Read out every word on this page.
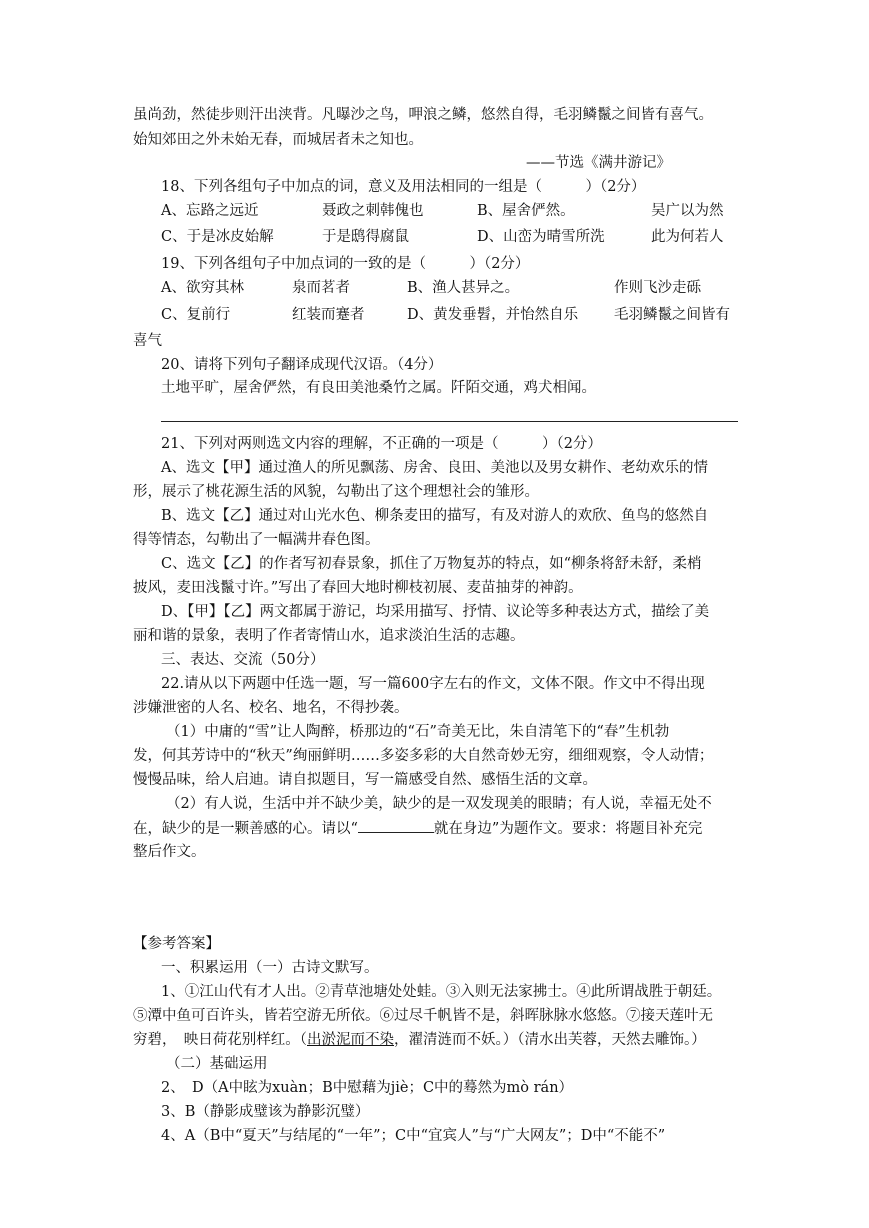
虽尚劲，然徒步则汗出浃背。凡曝沙之鸟，呷浪之鳞，悠然自得，毛羽鳞鬣之间皆有喜气。
始知郊田之外未始无春，而城居者未之知也。
——节选《满井游记》
18、下列各组句子中加点的词，意义及用法相同的一组是（　　　）（2分）
A、忘路之远近	聂政之刺韩傀也	B、屋舍俨然。	吴广以为然
C、于是冰皮始解	于是鸱得腐鼠	D、山峦为晴雪所洗	此为何若人
19、下列各组句子中加点词的一致的是（　　　）（2分）
A、欲穷其林	泉而茗者	B、渔人甚异之。	作则飞沙走砾
C、复前行	红装而蹇者	D、黄发垂髫，并怡然自乐 毛羽鳞鬣之间皆有
喜气
20、请将下列句子翻译成现代汉语。（4分）
土地平旷，屋舍俨然，有良田美池桑竹之属。阡陌交通，鸡犬相闻。
21、下列对两则选文内容的理解，不正确的一项是（　　　）（2分）
A、选文【甲】通过渔人的所见飘荡、房舍、良田、美池以及男女耕作、老幼欢乐的情
形，展示了桃花源生活的风貌，勾勒出了这个理想社会的雏形。
B、选文【乙】通过对山光水色、柳条麦田的描写，有及对游人的欢欣、鱼鸟的悠然自
得等情态，勾勒出了一幅满井春色图。
C、选文【乙】的作者写初春景象，抓住了万物复苏的特点，如“柳条将舒未舒，柔梢
披风，麦田浅鬣寸许。”写出了春回大地时柳枝初展、麦苗抽芽的神韵。
D、【甲】【乙】两文都属于游记，均采用描写、抒情、议论等多种表达方式，描绘了美
丽和谐的景象，表明了作者寄情山水，追求淡泊生活的志趣。
三、表达、交流（50分）
22.请从以下两题中任选一题，写一篇600字左右的作文，文体不限。作文中不得出现
涉嫌泄密的人名、校名、地名，不得抄袭。
（1）中庸的“雪”让人陶醉，桥那边的“石”奇美无比，朱自清笔下的“春”生机勃
发，何其芳诗中的“秋天”绚丽鲜明……多姿多彩的大自然奇妙无穷，细细观察，令人动情；
慢慢品味，给人启迪。请自拟题目，写一篇感受自然、感悟生活的文章。
（2）有人说，生活中并不缺少美，缺少的是一双发现美的眼睛；有人说，幸福无处不
在，缺少的是一颗善感的心。请以“	就在身边”为题作文。要求：将题目补充完
整后作文。
【参考答案】
一、积累运用（一）古诗文默写。
1、①江山代有才人出。②青草池塘处处蛙。③入则无法家拂士。④此所谓战胜于朝廷。
⑤潭中鱼可百许头，皆若空游无所依。⑥过尽千帆皆不是，斜晖脉脉水悠悠。⑦接天莲叶无
穷碧，　映日荷花别样红。（出淤泥而不染，濯清涟而不妖。）（清水出芙蓉，天然去雕饰。）
（二）基础运用
2、　D（A中眩为xuàn；B中慰藉为jiè；C中的蓦然为mò rán）
3、B（静影成璧该为静影沉璧）
4、A（B中“夏天”与结尾的“一年”；C中“宜宾人”与“广大网友”；D中“不能不”
